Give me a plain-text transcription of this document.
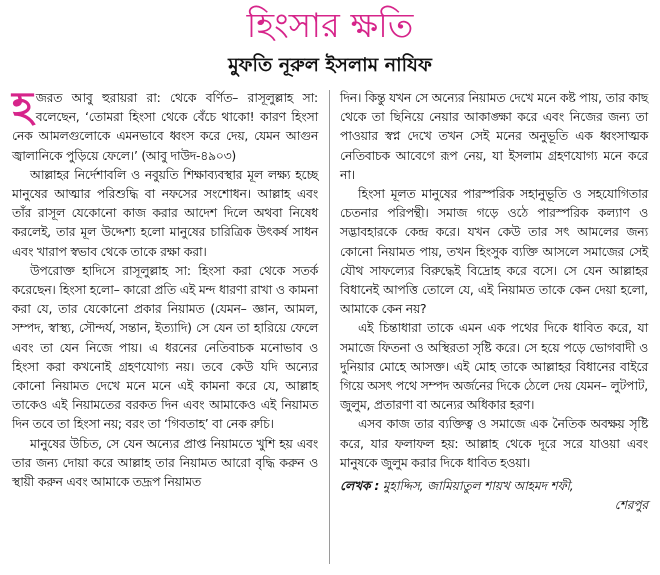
হিংসার ক্ষতি
মুফতি নূরুল ইসলাম নাযিফ

হজরত আবু হুরায়রা রা: থেকে বর্ণিত– রাসূলুল্লাহ সা: বলেছেন, ‘তোমরা হিংসা থেকে বেঁচে থাকো! কারণ হিংসা নেক আমলগুলোকে এমনভাবে ধ্বংস করে দেয়, যেমন আগুন জ্বালানিকে পুড়িয়ে ফেলে।’ (আবু দাউদ-৪৯০৩)

আল্লাহর নির্দেশাবলি ও নবুয়তি শিক্ষাব্যবস্থার মূল লক্ষ্য হচ্ছে মানুষের আত্মার পরিশুদ্ধি বা নফসের সংশোধন। আল্লাহ এবং তাঁর রাসূল যেকোনো কাজ করার আদেশ দিলে অথবা নিষেধ করলেই, তার মূল উদ্দেশ্য হলো মানুষের চারিত্রিক উৎকর্ষ সাধন এবং খারাপ স্বভাব থেকে তাকে রক্ষা করা।

উপরোক্ত হাদিসে রাসূলুল্লাহ সা: হিংসা করা থেকে সতর্ক করেছেন। হিংসা হলো– কারো প্রতি এই মন্দ ধারণা রাখা ও কামনা করা যে, তার যেকোনো প্রকার নিয়ামত (যেমন– জ্ঞান, আমল, সম্পদ, স্বাস্থ্য, সৌন্দর্য, সন্তান, ইত্যাদি) সে যেন তা হারিয়ে ফেলে এবং তা যেন নিজে পায়। এ ধরনের নেতিবাচক মনোভাব ও হিংসা করা কখনোই গ্রহণযোগ্য নয়। তবে কেউ যদি অন্যের কোনো নিয়ামত দেখে মনে মনে এই কামনা করে যে, আল্লাহ তাকেও এই নিয়ামতের বরকত দিন এবং আমাকেও এই নিয়ামত দিন তবে তা হিংসা নয়; বরং তা ‘গিবতাহ’ বা নেক রুচি।

মানুষের উচিত, সে যেন অন্যের প্রাপ্ত নিয়ামতে খুশি হয় এবং তার জন্য দোয়া করে আল্লাহ তার নিয়ামত আরো বৃদ্ধি করুন ও স্থায়ী করুন এবং আমাকে তদ্রূপ নিয়ামত

দিন। কিন্তু যখন সে অন্যের নিয়ামত দেখে মনে কষ্ট পায়, তার কাছ থেকে তা ছিনিয়ে নেয়ার আকাঙ্ক্ষা করে এবং নিজের জন্য তা পাওয়ার স্বপ্ন দেখে তখন সেই মনের অনুভূতি এক ধ্বংসাত্মক নেতিবাচক আবেগে রূপ নেয়, যা ইসলাম গ্রহণযোগ্য মনে করে না।

হিংসা মূলত মানুষের পারস্পরিক সহানুভূতি ও সহযোগিতার চেতনার পরিপন্থী। সমাজ গড়ে ওঠে পারস্পরিক কল্যাণ ও সদ্ভাবহারকে কেন্দ্র করে। যখন কেউ তার সৎ আমলের জন্য কোনো নিয়ামত পায়, তখন হিংসুক ব্যক্তি আসলে সমাজের সেই যৌথ সাফল্যের বিরুদ্ধেই বিদ্রোহ করে বসে। সে যেন আল্লাহর বিধানেই আপত্তি তোলে যে, এই নিয়ামত তাকে কেন দেয়া হলো, আমাকে কেন নয়?

এই চিন্তাধারা তাকে এমন এক পথের দিকে ধাবিত করে, যা সমাজে ফিতনা ও অস্থিরতা সৃষ্টি করে। সে হয়ে পড়ে ভোগবাদী ও দুনিয়ার মোহে আসক্ত। এই মোহ তাকে আল্লাহর বিধানের বাইরে গিয়ে অসৎ পথে সম্পদ অর্জনের দিকে ঠেলে দেয় যেমন– লুটপাট, জুলুম, প্রতারণা বা অন্যের অধিকার হরণ।

এসব কাজ তার ব্যক্তিত্ব ও সমাজে এক নৈতিক অবক্ষয় সৃষ্টি করে, যার ফলাফল হয়: আল্লাহ থেকে দূরে সরে যাওয়া এবং মানুষকে জুলুম করার দিকে ধাবিত হওয়া।

লেখক : মুহাদ্দিস, জামিয়াতুল শায়খ আহমদ শফী,
শেরপুর
